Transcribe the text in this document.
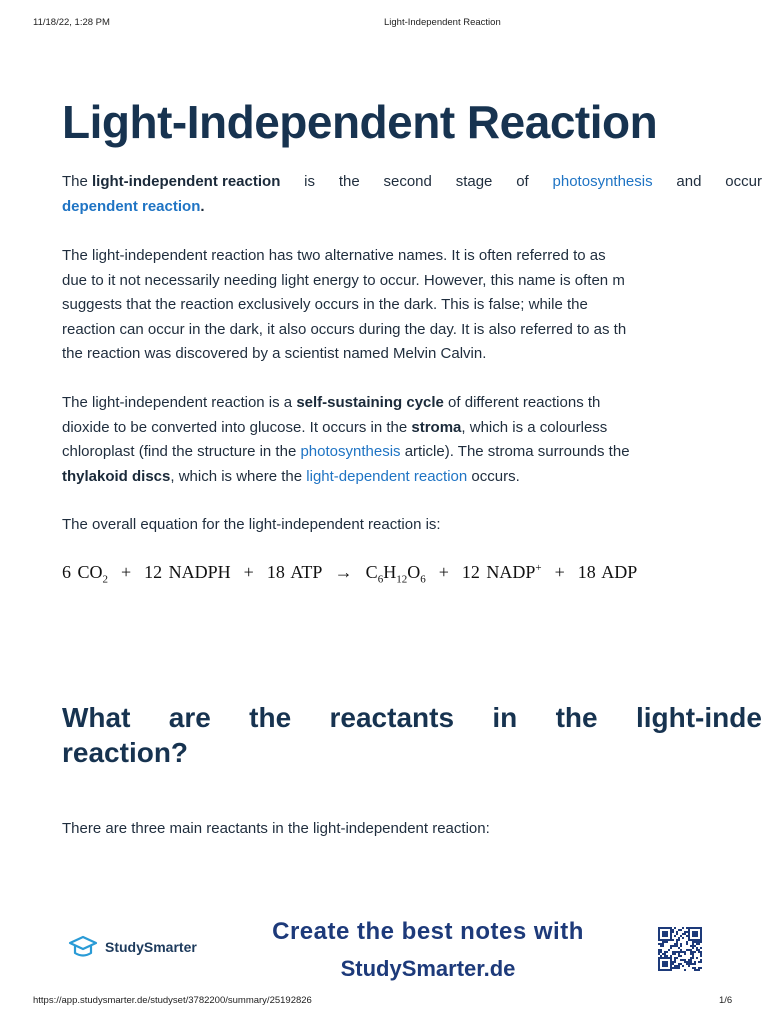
11/18/22, 1:28 PM	Light-Independent Reaction
Light-Independent Reaction
The light-independent reaction is the second stage of photosynthesis and occur
dependent reaction.
The light-independent reaction has two alternative names. It is often referred to as
due to it not necessarily needing light energy to occur. However, this name is often m
suggests that the reaction exclusively occurs in the dark. This is false; while the
reaction can occur in the dark, it also occurs during the day. It is also referred to as th
the reaction was discovered by a scientist named Melvin Calvin.
The light-independent reaction is a self-sustaining cycle of different reactions th
dioxide to be converted into glucose. It occurs in the stroma, which is a colourless
chloroplast (find the structure in the photosynthesis article). The stroma surrounds the
thylakoid discs, which is where the light-dependent reaction occurs.
The overall equation for the light-independent reaction is:
6 $CO_2 + 12$ NADPH  +  18 ATP  →  $C_6H_{12}O_6 + 12$ NADP+  +  18 ADP
What are the reactants in the light-inde
reaction?
There are three main reactants in the light-independent reaction:
StudySmarter
Create the best notes with
StudySmarter.de
https://app.studysmarter.de/studyset/3782200/summary/25192826	1/6
